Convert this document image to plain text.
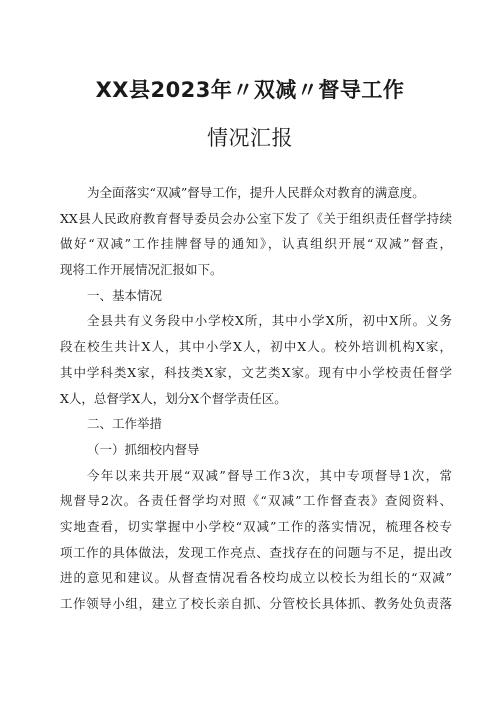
XX县2023年〃双减〃督导工作
情况汇报
为全面落实“双减”督导工作，提升人民群众对教育的满意度。
XX县人民政府教育督导委员会办公室下发了《关于组织责任督学持续
做好“双减”工作挂牌督导的通知》，认真组织开展“双减”督查，
现将工作开展情况汇报如下。
一、基本情况
全县共有义务段中小学校X所，其中小学X所，初中X所。义务
段在校生共计X人，其中小学X人，初中X人。校外培训机构X家，
其中学科类X家，科技类X家，文艺类X家。现有中小学校责任督学
X人，总督学X人，划分X个督学责任区。
二、工作举措
（一）抓细校内督导
今年以来共开展“双减”督导工作3次，其中专项督导1次，常
规督导2次。各责任督学均对照《“双减”工作督查表》查阅资料、
实地查看，切实掌握中小学校“双减”工作的落实情况，梳理各校专
项工作的具体做法，发现工作亮点、查找存在的问题与不足，提出改
进的意见和建议。从督查情况看各校均成立以校长为组长的“双减”
工作领导小组，建立了校长亲自抓、分管校长具体抓、教务处负责落
